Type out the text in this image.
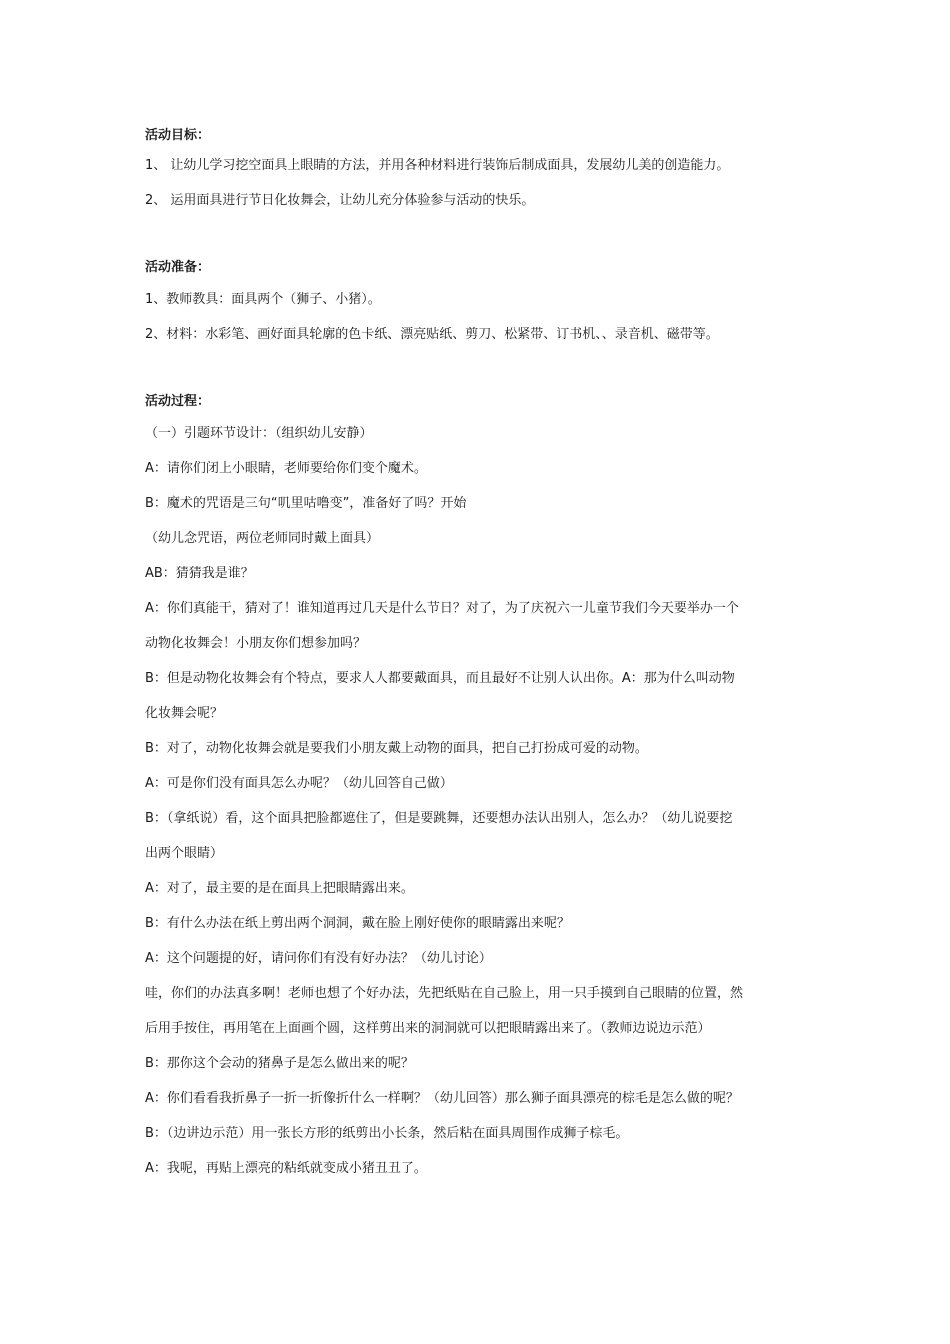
活动目标：
1、 让幼儿学习挖空面具上眼睛的方法，并用各种材料进行装饰后制成面具，发展幼儿美的创造能力。
2、 运用面具进行节日化妆舞会，让幼儿充分体验参与活动的快乐。
活动准备：
1、教师教具：面具两个（狮子、小猪）。
2、材料：水彩笔、画好面具轮廓的色卡纸、漂亮贴纸、剪刀、松紧带、订书机、、录音机、磁带等。
活动过程：
（一）引题环节设计：（组织幼儿安静）
A：请你们闭上小眼睛，老师要给你们变个魔术。
B：魔术的咒语是三句“叽里咕噜变”，准备好了吗？开始
（幼儿念咒语，两位老师同时戴上面具）
AB：猜猜我是谁？
A：你们真能干，猜对了！谁知道再过几天是什么节日？对了，为了庆祝六一儿童节我们今天要举办一个
动物化妆舞会！小朋友你们想参加吗？
B：但是动物化妆舞会有个特点，要求人人都要戴面具，而且最好不让别人认出你。A：那为什么叫动物
化妆舞会呢？
B：对了，动物化妆舞会就是要我们小朋友戴上动物的面具，把自己打扮成可爱的动物。
A：可是你们没有面具怎么办呢？（幼儿回答自己做）
B：（拿纸说）看，这个面具把脸都遮住了，但是要跳舞，还要想办法认出别人，怎么办？（幼儿说要挖
出两个眼睛）
A：对了，最主要的是在面具上把眼睛露出来。
B：有什么办法在纸上剪出两个洞洞，戴在脸上刚好使你的眼睛露出来呢？
A：这个问题提的好，请问你们有没有好办法？（幼儿讨论）
哇，你们的办法真多啊！老师也想了个好办法，先把纸贴在自己脸上，用一只手摸到自己眼睛的位置，然
后用手按住，再用笔在上面画个圆，这样剪出来的洞洞就可以把眼睛露出来了。（教师边说边示范）
B：那你这个会动的猪鼻子是怎么做出来的呢？
A：你们看看我折鼻子一折一折像折什么一样啊？（幼儿回答）那么狮子面具漂亮的棕毛是怎么做的呢？
B：（边讲边示范）用一张长方形的纸剪出小长条，然后粘在面具周围作成狮子棕毛。
A：我呢，再贴上漂亮的粘纸就变成小猪丑丑了。
